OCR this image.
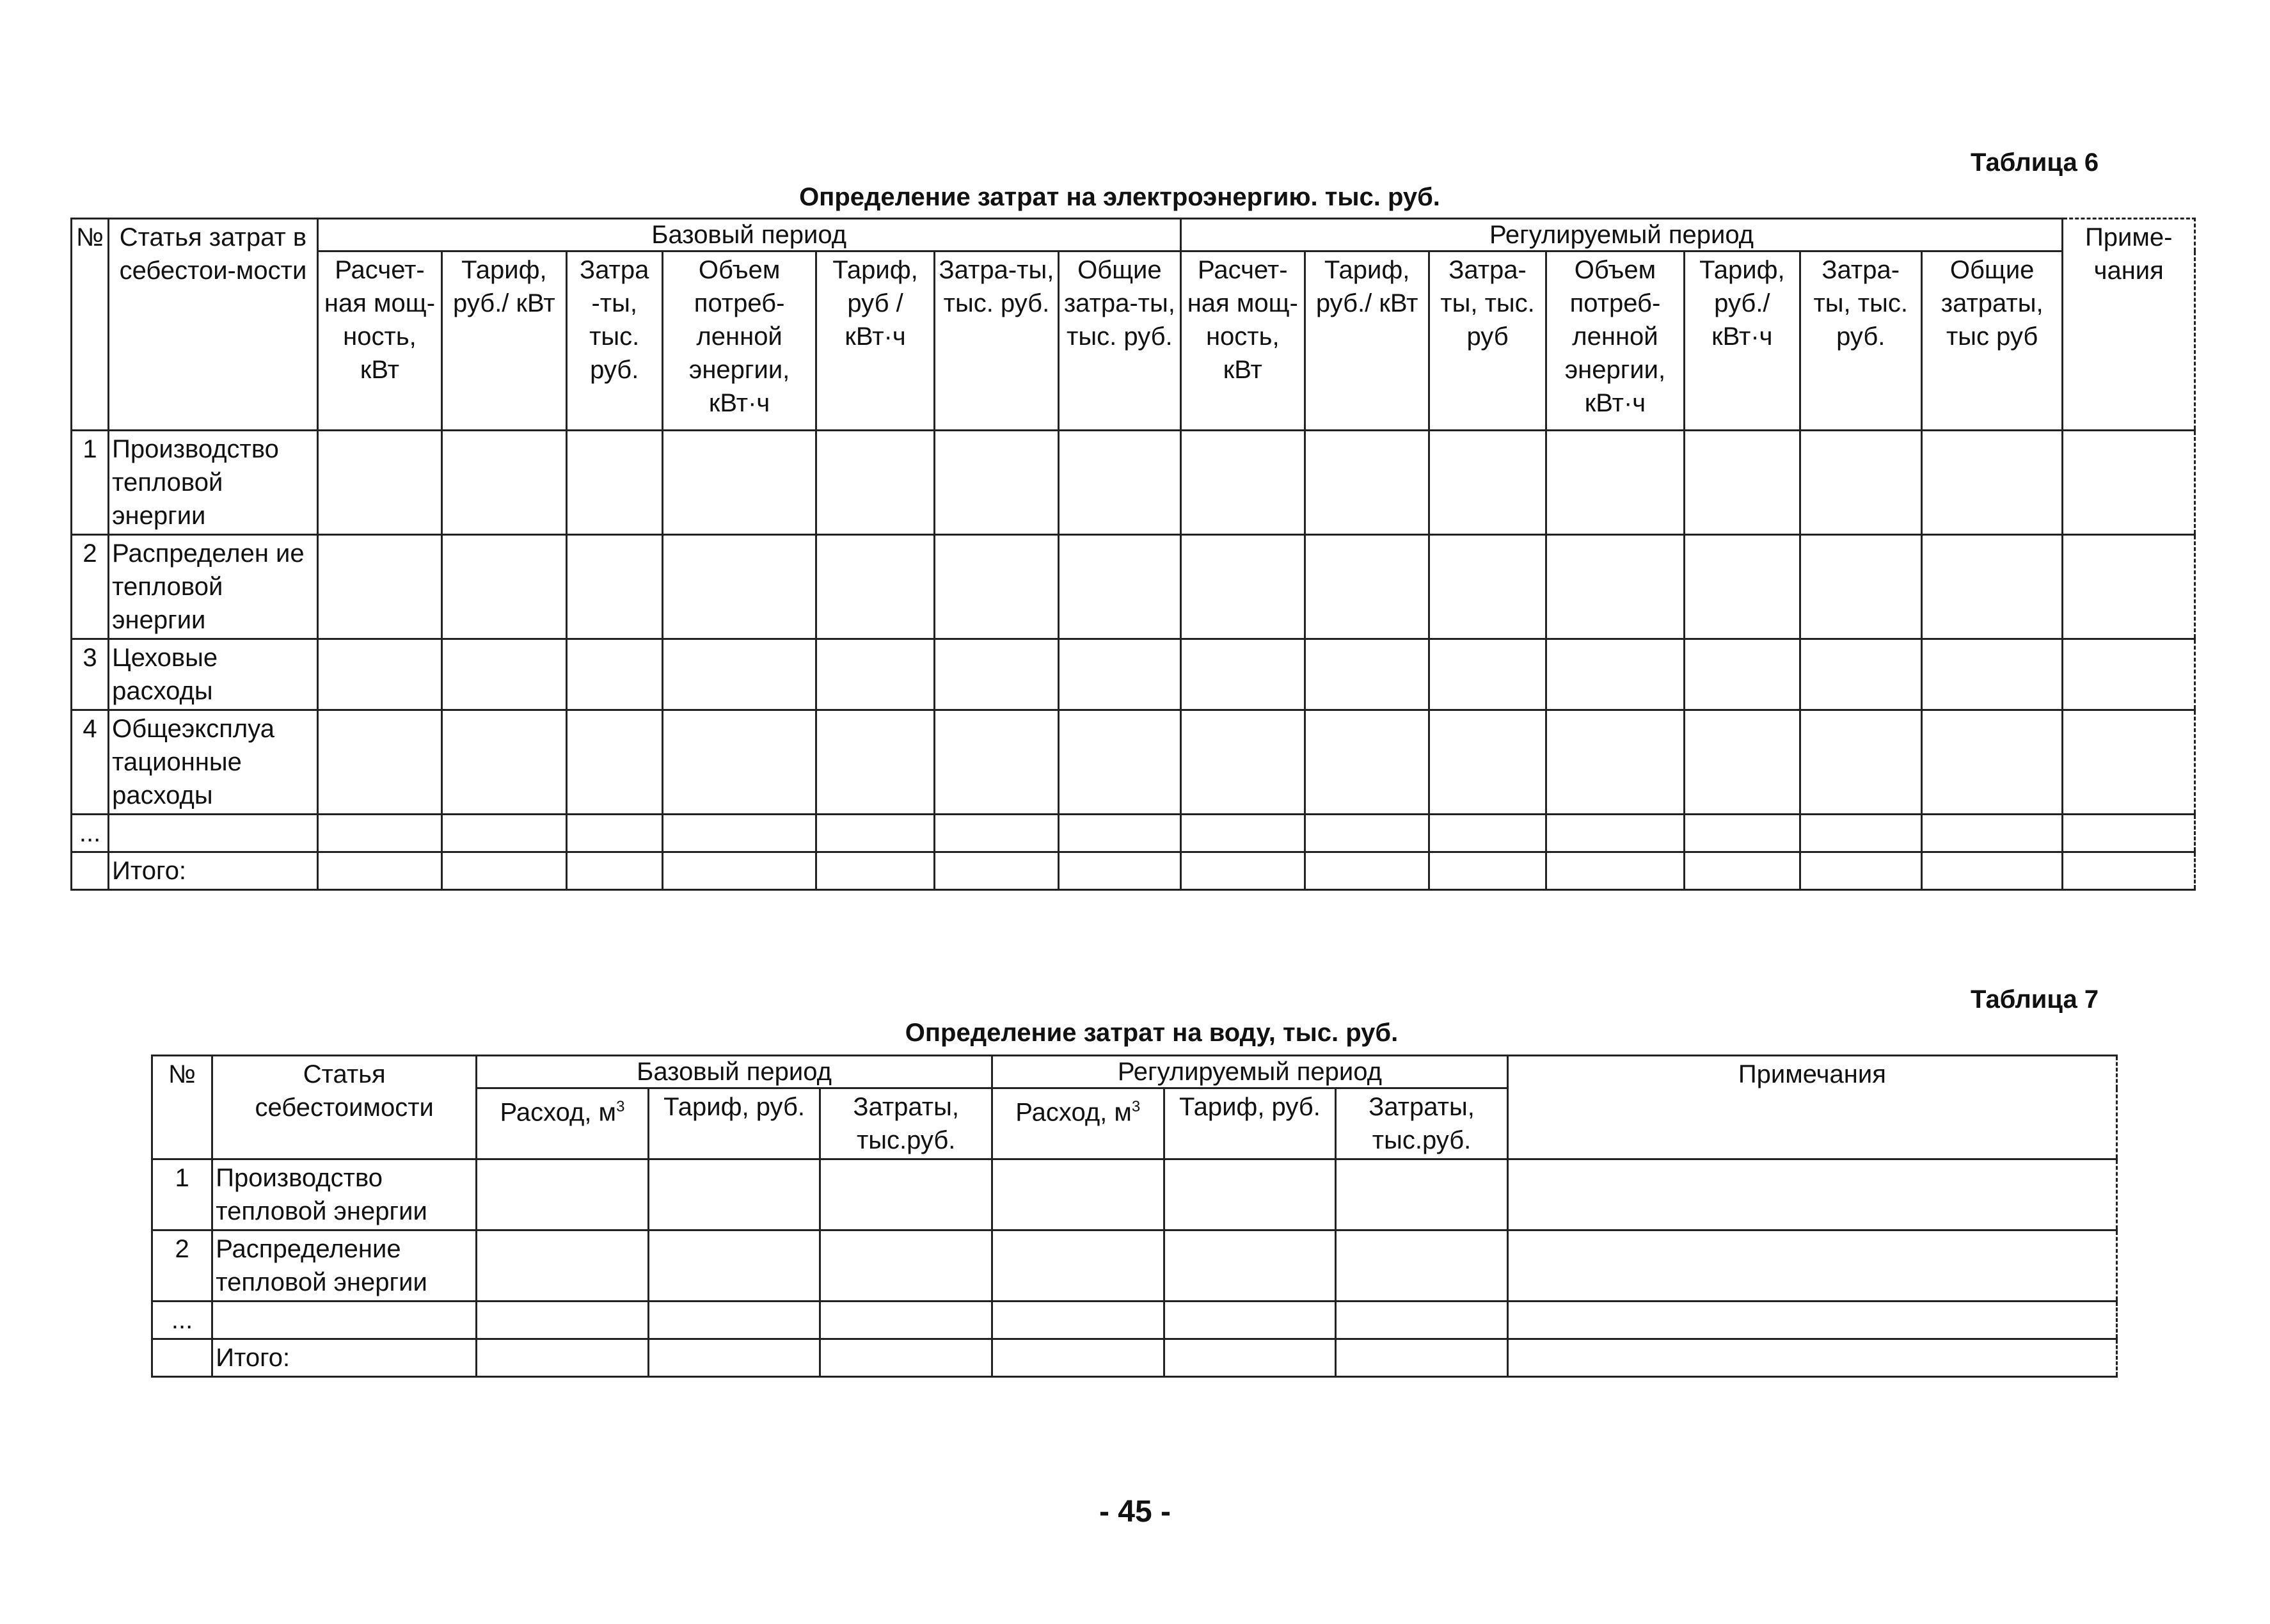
Таблица 6
Определение затрат на электроэнергию. тыс. руб.
№	Статья затрат в себестои-мости	Базовый период							Регулируемый период							Приме-чания
		Расчет-ная мощ-ность, кВт	Тариф, руб./ кВт	Затра -ты, тыс. руб.	Объем потреб-ленной энергии, кВт·ч	Тариф, руб / кВт·ч	Затра-ты, тыс. руб.	Общие затра-ты, тыс. руб.	Расчет-ная мощ-ность, кВт	Тариф, руб./ кВт	Затра-ты, тыс. руб	Объем потреб-ленной энергии, кВт·ч	Тариф, руб./ кВт·ч	Затра-ты, тыс. руб.	Общие затраты, тыс руб	
1	Производство тепловой энергии															
2	Распределен ие тепловой энергии															
3	Цеховые расходы															
4	Общеэксплуа тационные расходы															
...																
	Итого:															
Таблица 7
Определение затрат на воду, тыс. руб.
№	Статья себестоимости	Базовый период			Регулируемый период			Примечания
		Расход, $м^3$	Тариф, руб.	Затраты, тыс.руб.	Расход, $м^3$	Тариф, руб.	Затраты, тыс.руб.	
1	Производство тепловой энергии							
2	Распределение тепловой энергии							
...								
	Итого:							
- 45 -
